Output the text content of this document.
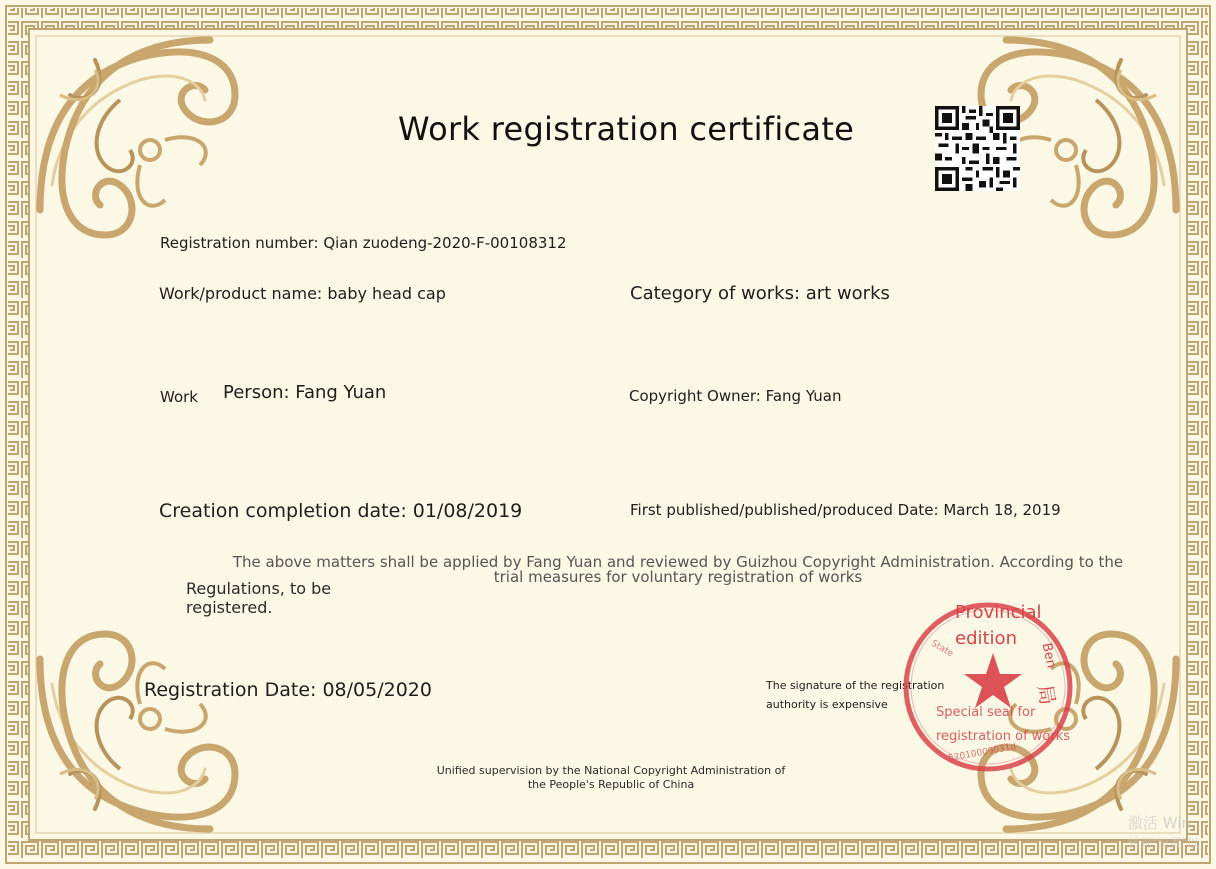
Work registration certificate
Registration number: Qian zuodeng-2020-F-00108312
Work/product name: baby head cap	Category of works: art works
Work Person: Fang Yuan	Copyright Owner: Fang Yuan
Creation completion date: 01/08/2019	First published/published/produced Date: March 18, 2019
The above matters shall be applied by Fang Yuan and reviewed by Guizhou Copyright Administration. According to the trial measures for voluntary registration of works
Regulations, to be registered.
Registration Date: 08/05/2020	The signature of the registration authority is expensive
Unified supervision by the National Copyright Administration of the People's Republic of China
Provincial
edition
State	Ben
局
Special seal for
registration of works
52010009031d
激活 Win
转到"设置"以
